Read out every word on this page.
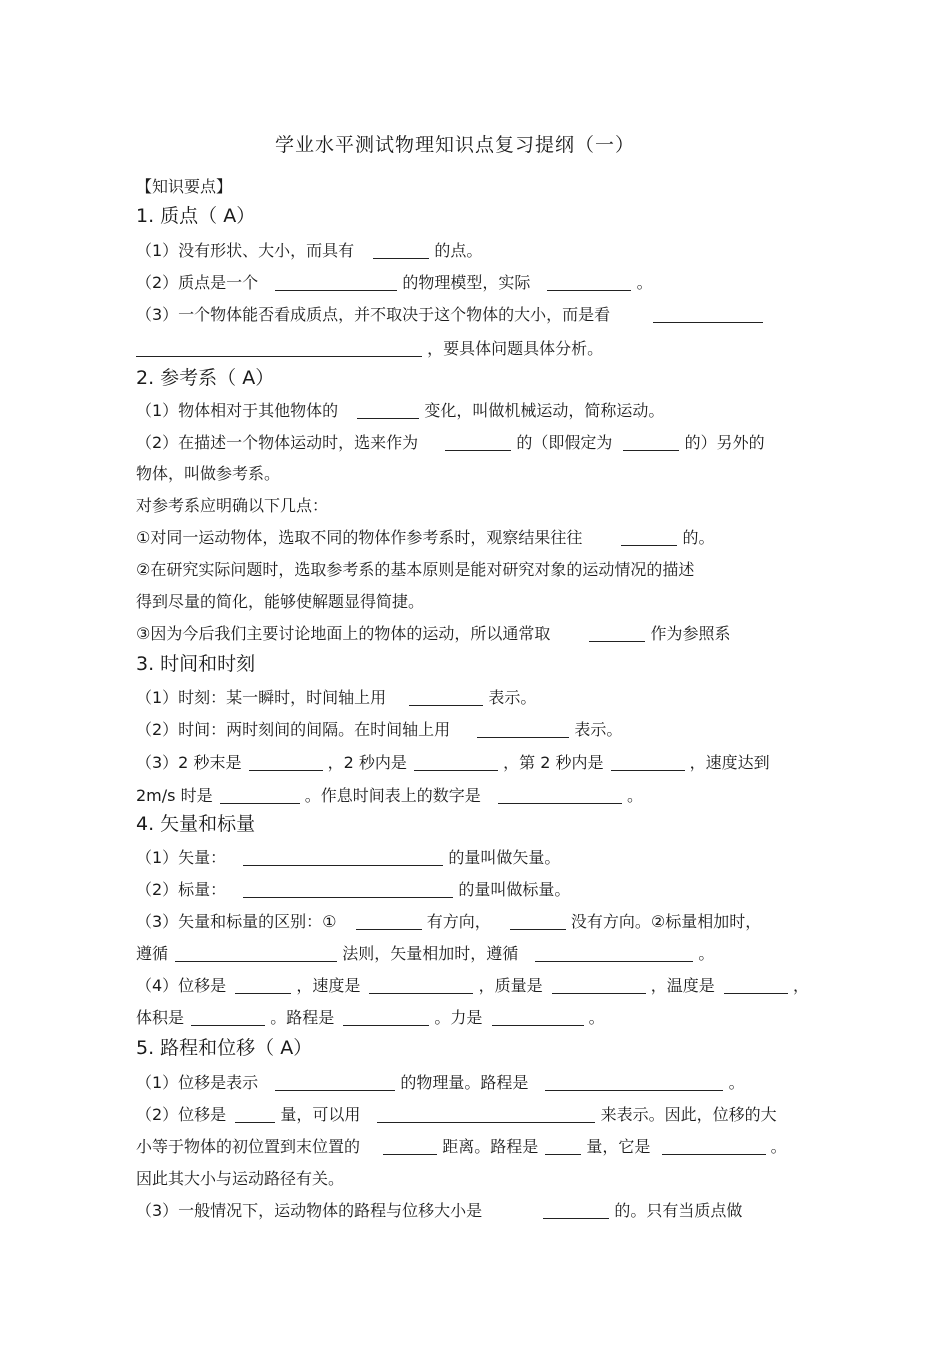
学业水平测试物理知识点复习提纲（一）
【知识要点】
1. 质点（ A）
（1）没有形状、大小，而具有	的点。
（2）质点是一个	的物理模型，实际	。
（3）一个物体能否看成质点，并不取决于这个物体的大小，而是看
，要具体问题具体分析。
2. 参考系（ A）
（1）物体相对于其他物体的	变化，叫做机械运动，简称运动。
（2）在描述一个物体运动时，选来作为	的（即假定为	的）另外的
物体，叫做参考系。
对参考系应明确以下几点：
①对同一运动物体，选取不同的物体作参考系时，观察结果往往	的。
②在研究实际问题时，选取参考系的基本原则是能对研究对象的运动情况的描述
得到尽量的简化，能够使解题显得简捷。
③因为今后我们主要讨论地面上的物体的运动，所以通常取	作为参照系
3. 时间和时刻
（1）时刻：某一瞬时，时间轴上用	表示。
（2）时间：两时刻间的间隔。在时间轴上用	表示。
（3）2 秒末是	，2 秒内是	，第 2 秒内是	，速度达到
2m/s 时是	。作息时间表上的数字是	。
4. 矢量和标量
（1）矢量：	的量叫做矢量。
（2）标量：	的量叫做标量。
（3）矢量和标量的区别：①	有方向，	没有方向。②标量相加时，
遵循	法则，矢量相加时，遵循	。
（4）位移是	，速度是	，质量是	，温度是	，
体积是	。路程是	。力是	。
5. 路程和位移（ A）
（1）位移是表示	的物理量。路程是	。
（2）位移是	量，可以用	来表示。因此，位移的大
小等于物体的初位置到末位置的	距离。路程是	量，它是	。
因此其大小与运动路径有关。
（3）一般情况下，运动物体的路程与位移大小是	的。只有当质点做
